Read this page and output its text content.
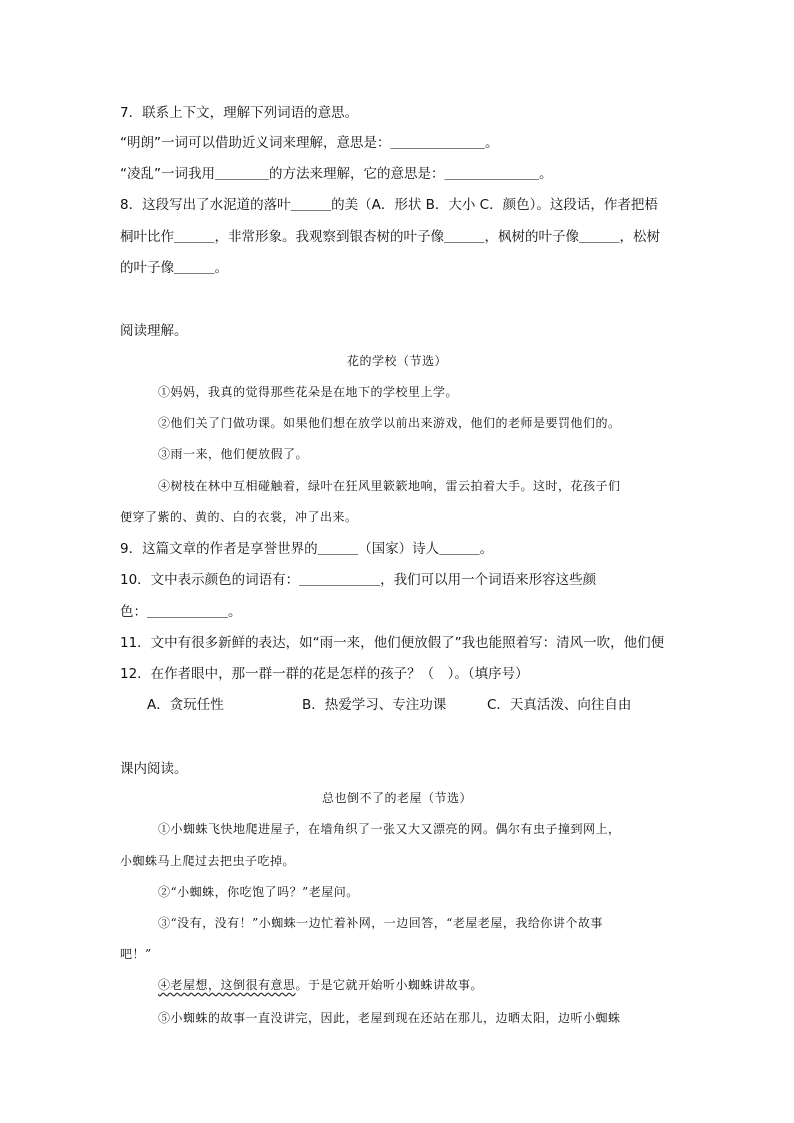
7．联系上下文，理解下列词语的意思。
“明朗”一词可以借助近义词来理解，意思是：＿＿＿＿＿＿＿。
“凌乱”一词我用＿＿＿＿的方法来理解，它的意思是：＿＿＿＿＿＿＿。
8．这段写出了水泥道的落叶＿＿＿的美（A．形状 B．大小 C．颜色）。这段话，作者把梧
桐叶比作＿＿＿，非常形象。我观察到银杏树的叶子像＿＿＿，枫树的叶子像＿＿＿，松树
的叶子像＿＿＿。
阅读理解。
花的学校（节选）
①妈妈，我真的觉得那些花朵是在地下的学校里上学。
②他们关了门做功课。如果他们想在放学以前出来游戏，他们的老师是要罚他们的。
③雨一来，他们便放假了。
④树枝在林中互相碰触着，绿叶在狂风里簌簌地响，雷云拍着大手。这时，花孩子们
便穿了紫的、黄的、白的衣裳，冲了出来。
9．这篇文章的作者是享誉世界的＿＿＿（国家）诗人＿＿＿。
10．文中表示颜色的词语有：＿＿＿＿＿＿，我们可以用一个词语来形容这些颜
色：＿＿＿＿＿＿。
11．文中有很多新鲜的表达，如“雨一来，他们便放假了”我也能照着写：清风一吹，他们便
12．在作者眼中，那一群一群的花是怎样的孩子？（　）。（填序号）
A．贪玩任性	B．热爱学习、专注功课	C．天真活泼、向往自由
课内阅读。
总也倒不了的老屋（节选）
①小蜘蛛飞快地爬进屋子，在墙角织了一张又大又漂亮的网。偶尔有虫子撞到网上，
小蜘蛛马上爬过去把虫子吃掉。
②“小蜘蛛，你吃饱了吗？”老屋问。
③“没有，没有！”小蜘蛛一边忙着补网，一边回答，“老屋老屋，我给你讲个故事
吧！”
④老屋想，这倒很有意思。于是它就开始听小蜘蛛讲故事。
⑤小蜘蛛的故事一直没讲完，因此，老屋到现在还站在那儿，边晒太阳，边听小蜘蛛
